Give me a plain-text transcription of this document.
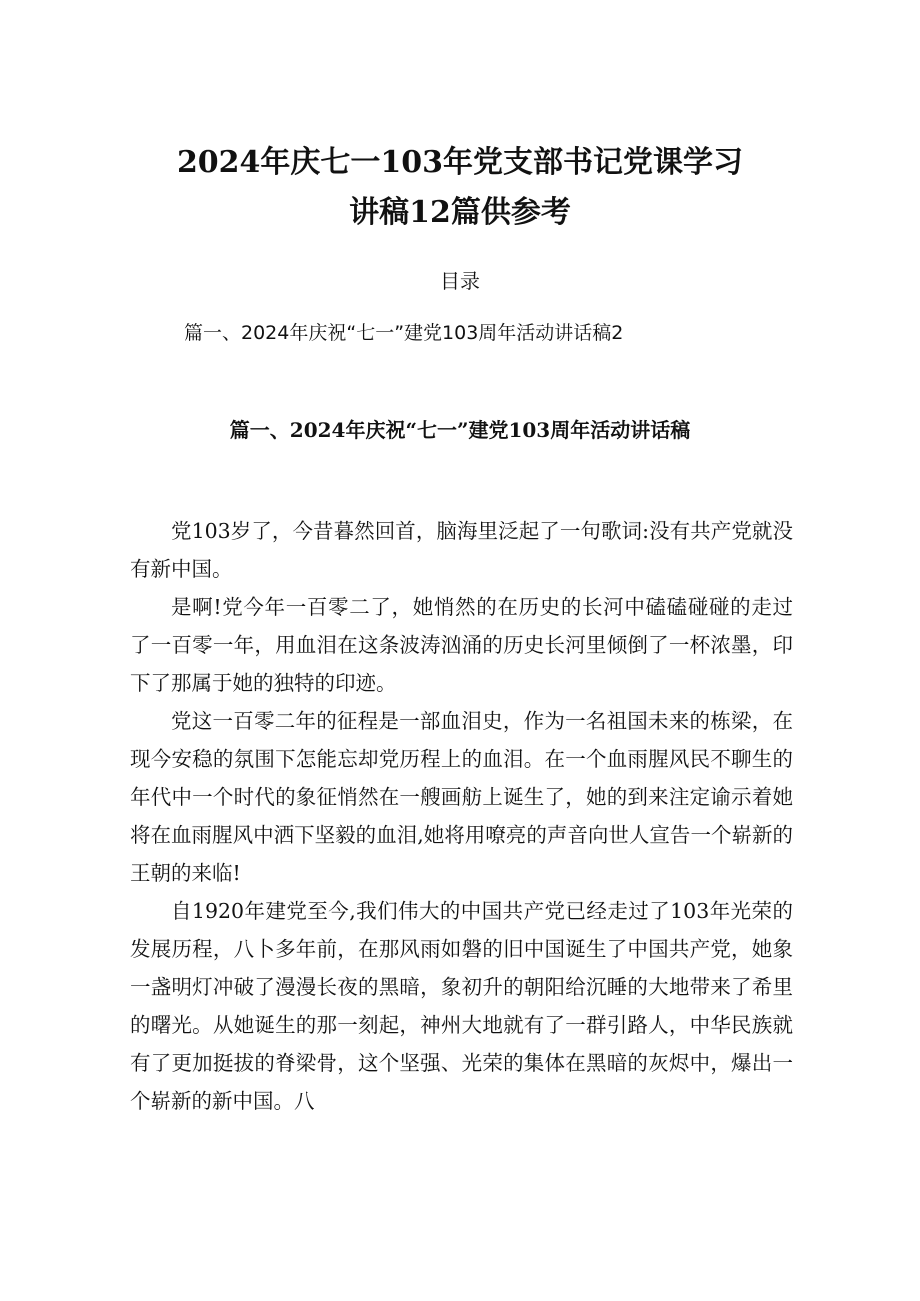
2024年庆七一103年党支部书记党课学习
讲稿12篇供参考
目录
篇一、2024年庆祝“七一”建党103周年活动讲话稿2
篇一、2024年庆祝“七一”建党103周年活动讲话稿

党103岁了，今昔暮然回首，脑海里泛起了一句歌词:没有共产党就没有新中国。

是啊!党今年一百零二了，她悄然的在历史的长河中磕磕碰碰的走过了一百零一年，用血泪在这条波涛汹涌的历史长河里倾倒了一杯浓墨，印下了那属于她的独特的印迹。

党这一百零二年的征程是一部血泪史，作为一名祖国未来的栋梁，在现今安稳的氛围下怎能忘却党历程上的血泪。在一个血雨腥风民不聊生的年代中一个时代的象征悄然在一艘画舫上诞生了，她的到来注定谕示着她将在血雨腥风中洒下坚毅的血泪,她将用嘹亮的声音向世人宣告一个崭新的王朝的来临!

自1920年建党至今,我们伟大的中国共产党已经走过了103年光荣的发展历程，八卜多年前，在那风雨如磐的旧中国诞生了中国共产党，她象一盏明灯冲破了漫漫长夜的黑暗，象初升的朝阳给沉睡的大地带来了希里的曙光。从她诞生的那一刻起，神州大地就有了一群引路人，中华民族就有了更加挺拔的脊梁骨，这个坚强、光荣的集体在黑暗的灰烬中，爆出一个崭新的新中国。八
